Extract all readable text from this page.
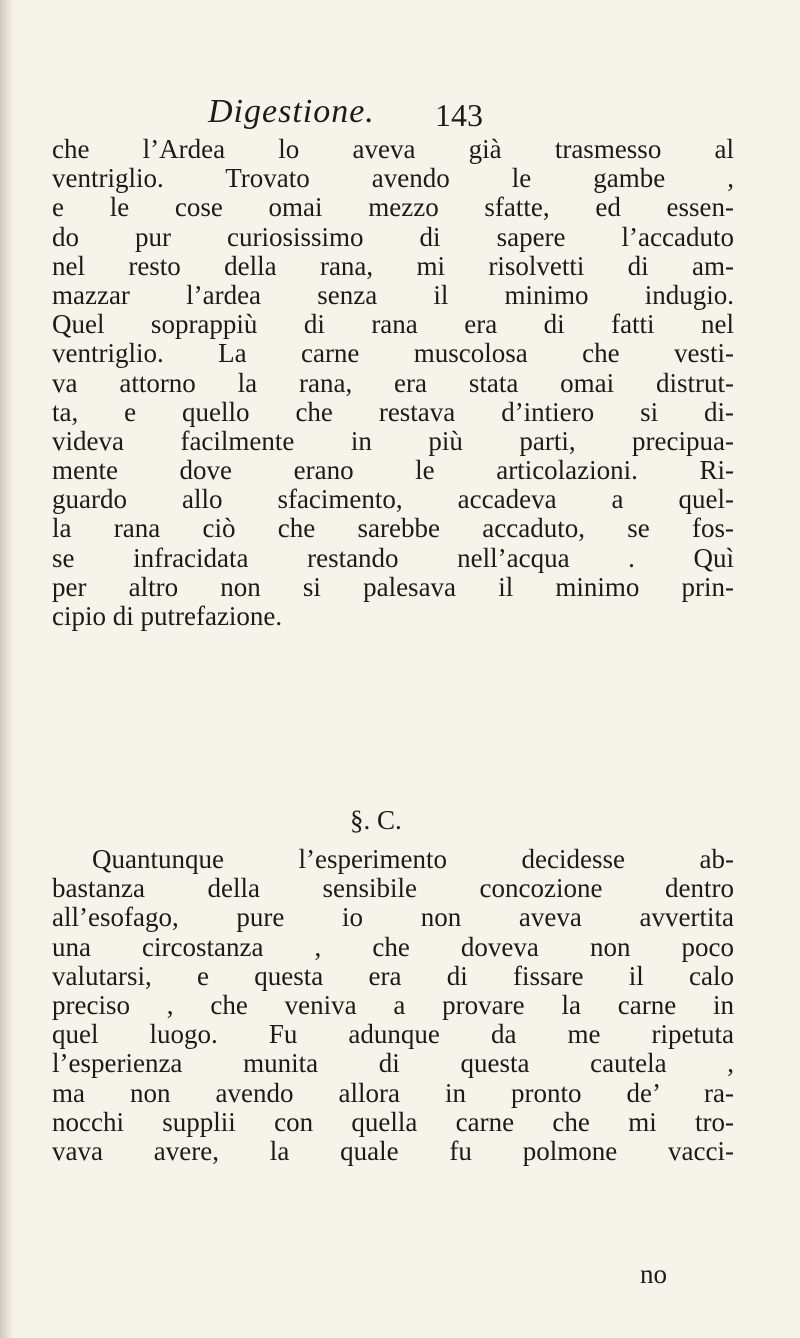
Digestione. 143
che l’Ardea lo aveva già trasmesso al
ventriglio. Trovato avendo le gambe ,
e le cose omai mezzo sfatte, ed essen-
do pur curiosissimo di sapere l’accaduto
nel resto della rana, mi risolvetti di am-
mazzar l’ardea senza il minimo indugio.
Quel soprappiù di rana era di fatti nel
ventriglio. La carne muscolosa che vesti-
va attorno la rana, era stata omai distrut-
ta, e quello che restava d’intiero si di-
videva facilmente in più parti, precipua-
mente dove erano le articolazioni. Ri-
guardo allo sfacimento, accadeva a quel-
la rana ciò che sarebbe accaduto, se fos-
se infracidata restando nell’acqua . Quì
per altro non si palesava il minimo prin-
cipio di putrefazione.
§. C.
Quantunque l’esperimento decidesse ab-
bastanza della sensibile concozione dentro
all’esofago, pure io non aveva avvertita
una circostanza , che doveva non poco
valutarsi, e questa era di fissare il calo
preciso , che veniva a provare la carne in
quel luogo. Fu adunque da me ripetuta
l’esperienza munita di questa cautela ,
ma non avendo allora in pronto de’ ra-
nocchi supplii con quella carne che mi tro-
vava avere, la quale fu polmone vacci-
no
